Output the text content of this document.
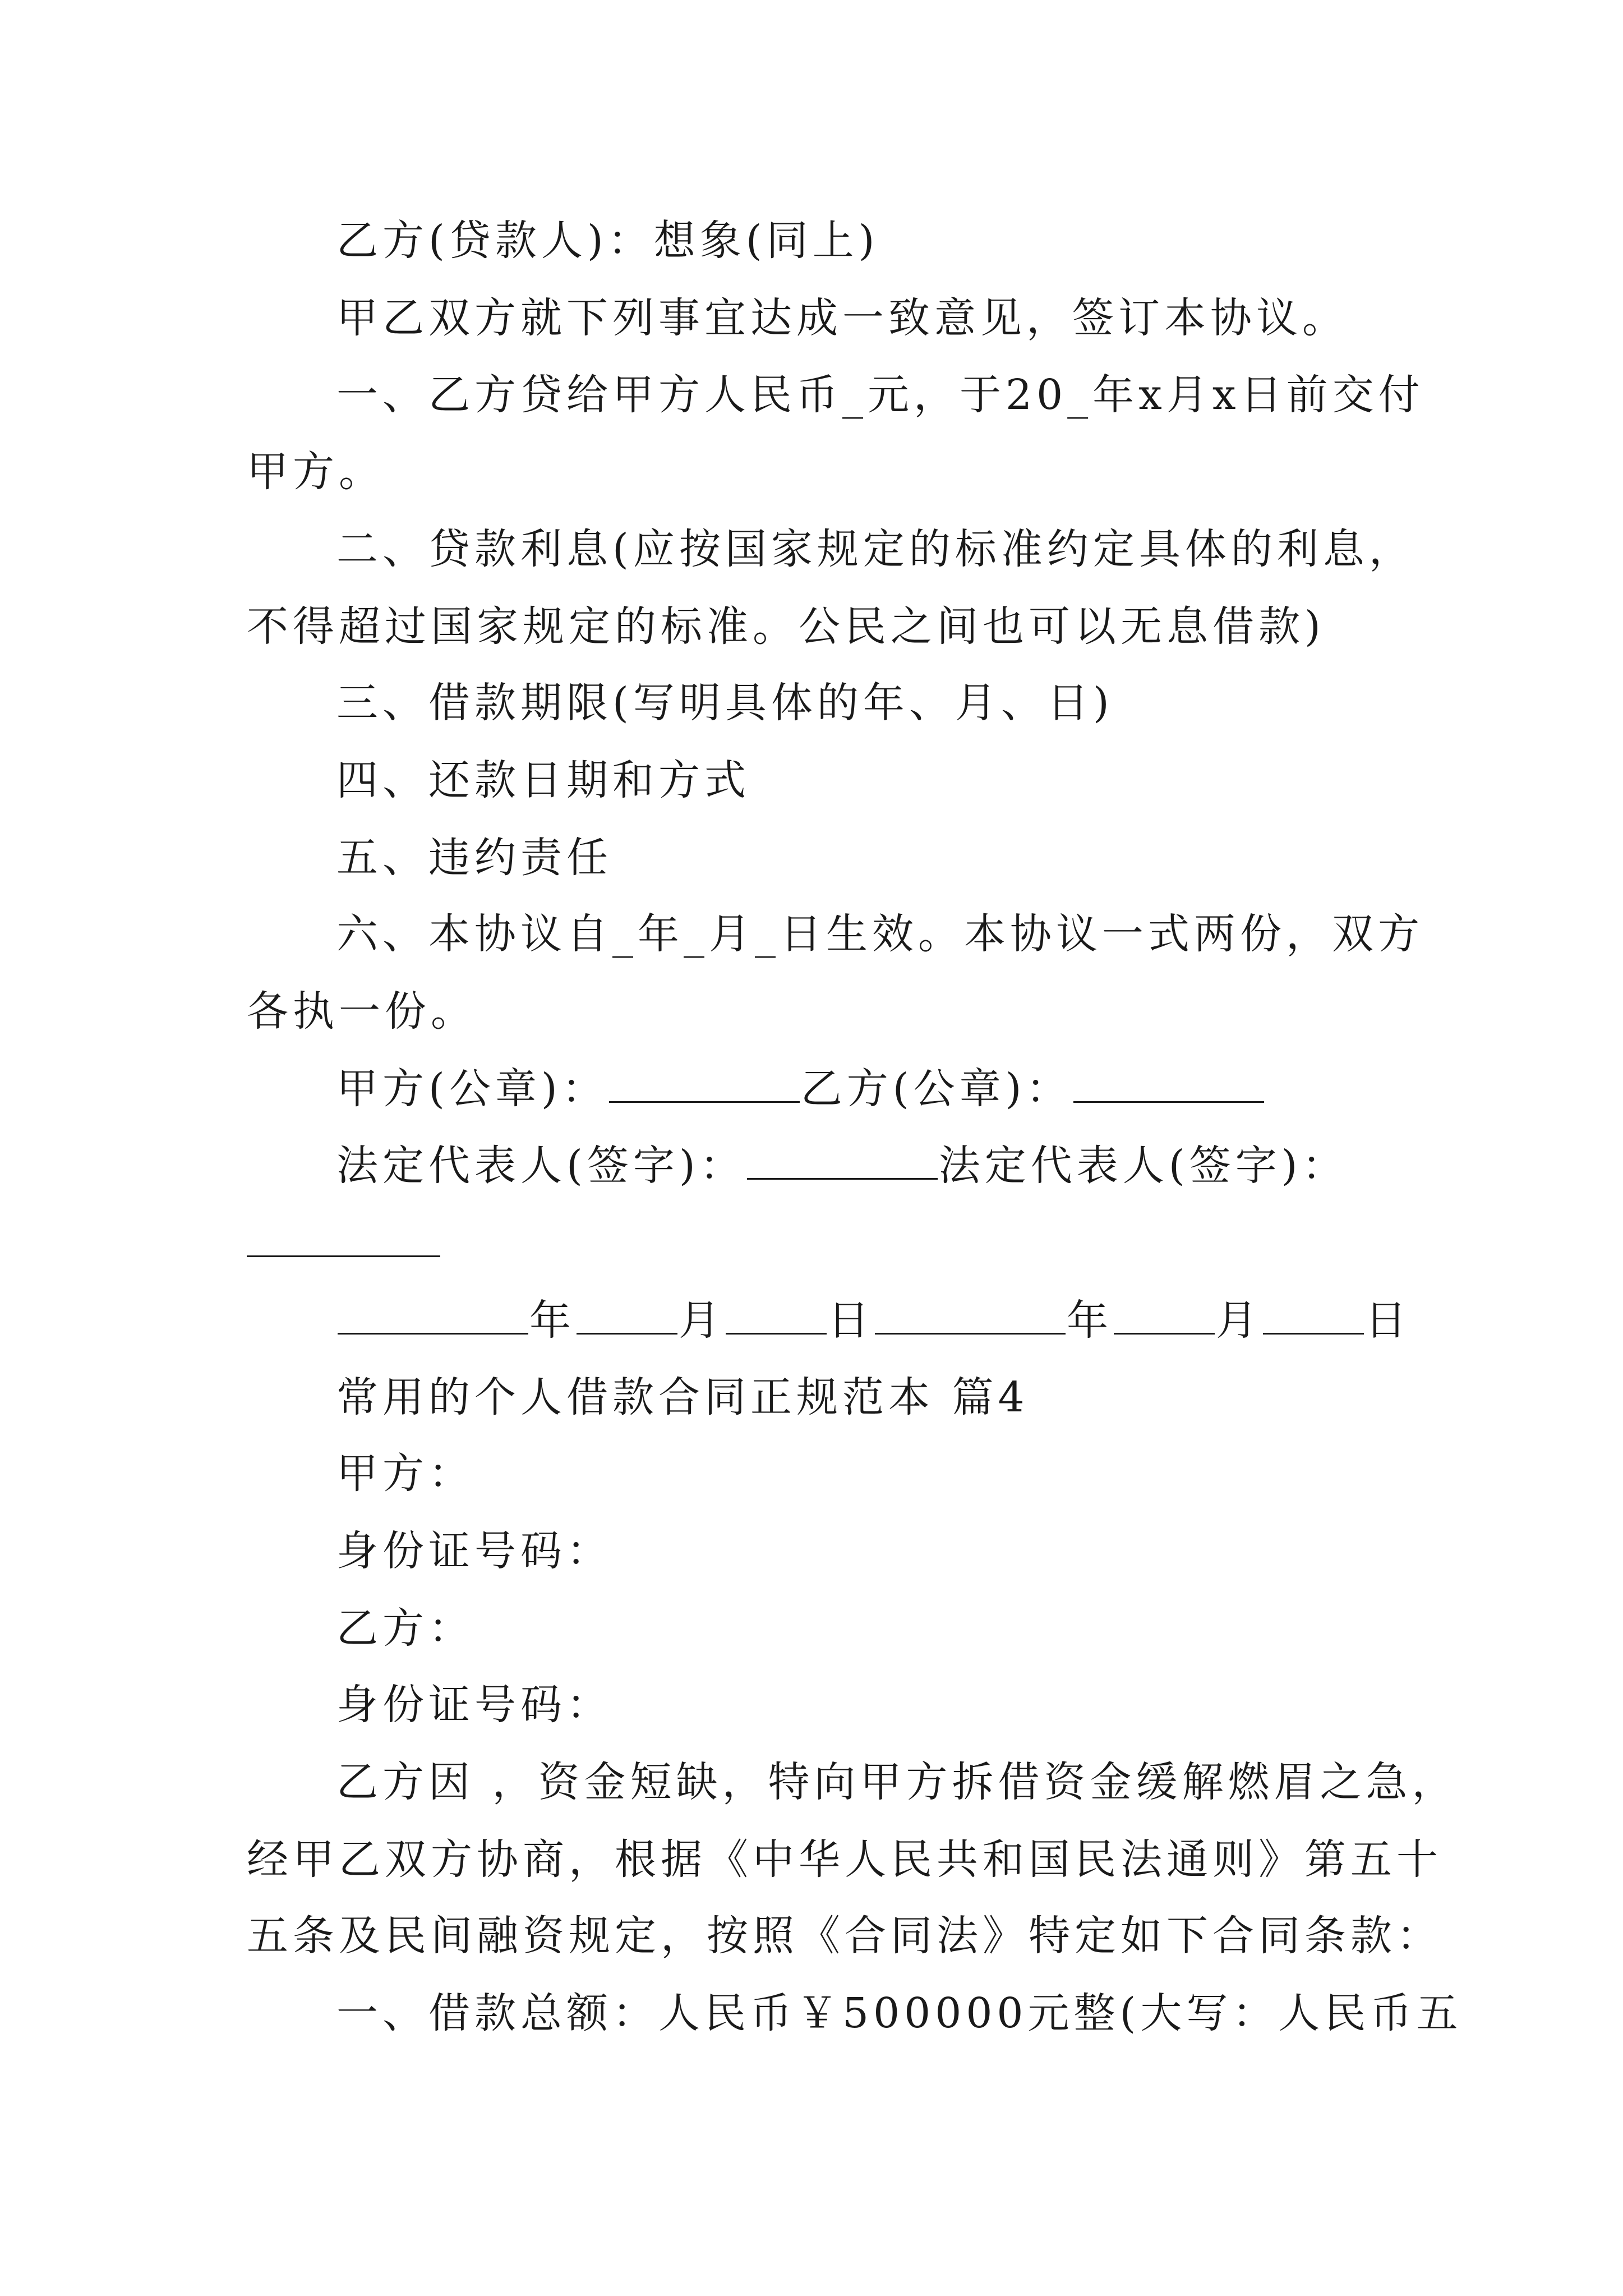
乙方(贷款人)：想象(同上)
甲乙双方就下列事宜达成一致意见，签订本协议。
一、乙方贷给甲方人民币_元，于20_年x月x日前交付
甲方。
二、贷款利息(应按国家规定的标准约定具体的利息，
不得超过国家规定的标准。公民之间也可以无息借款)
三、借款期限(写明具体的年、月、日)
四、还款日期和方式
五、违约责任
六、本协议自_年_月_日生效。本协议一式两份，双方
各执一份。
甲方(公章)：	乙方(公章)：
法定代表人(签字)：	法定代表人(签字)：
年 月 日	年 月 日
常用的个人借款合同正规范本 篇4
甲方：
身份证号码：
乙方：
身份证号码：
乙方因 ，资金短缺，特向甲方拆借资金缓解燃眉之急，
经甲乙双方协商，根据《中华人民共和国民法通则》第五十
五条及民间融资规定，按照《合同法》特定如下合同条款：
一、借款总额：人民币￥500000元整(大写：人民币五
